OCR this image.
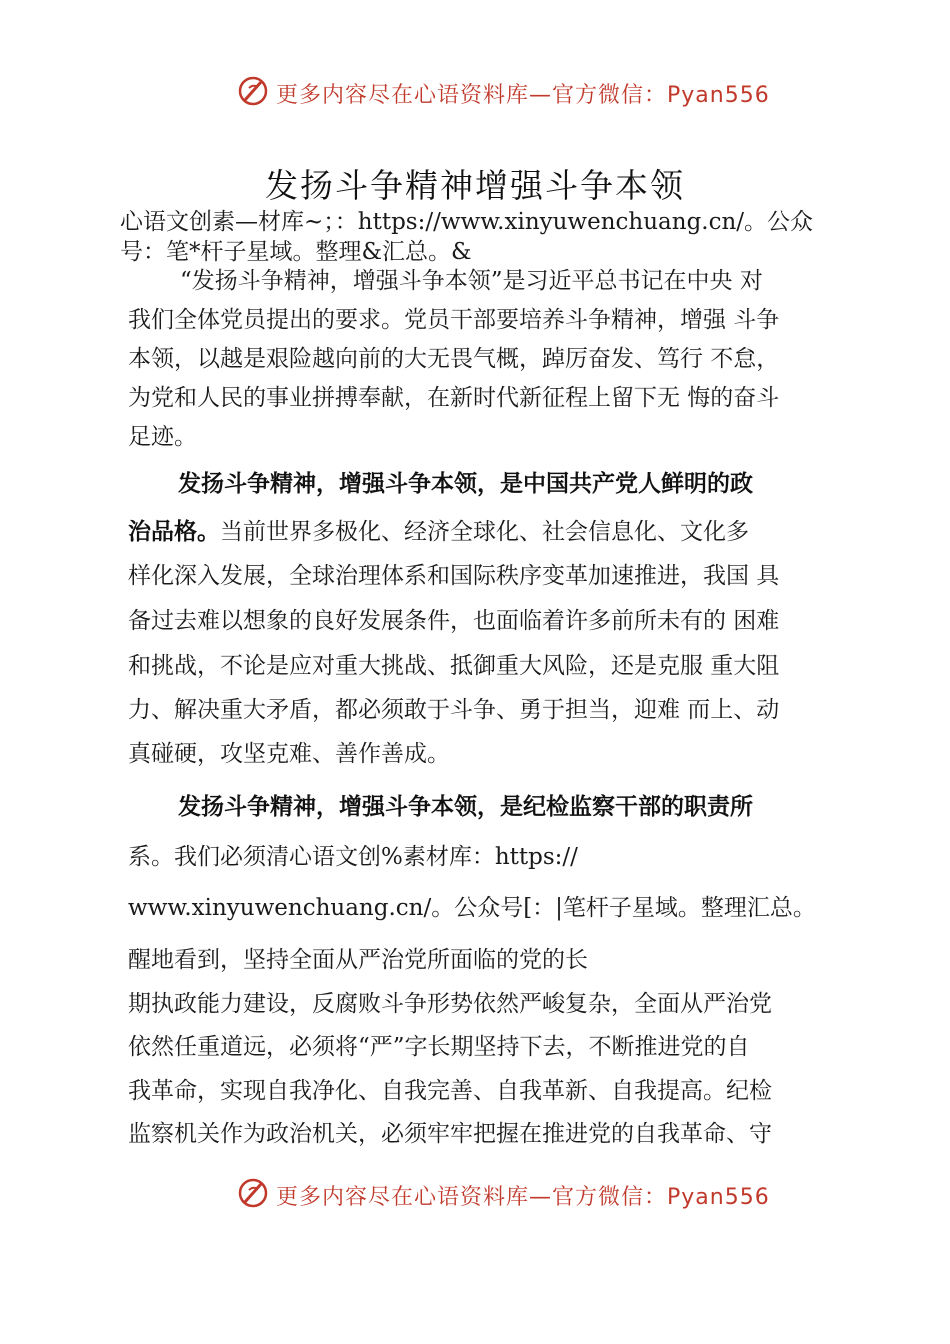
更多内容尽在心语资料库—官方微信：Pyan556
发扬斗争精神增强斗争本领
心语文创素—材库~；：https://www.xinyuwenchuang.cn/。公众
号：笔*杆子星域。整理&汇总。&
“发扬斗争精神，增强斗争本领”是习近平总书记在中央 对
我们全体党员提出的要求。党员干部要培养斗争精神，增强 斗争
本领，以越是艰险越向前的大无畏气概，踔厉奋发、笃行 不怠，
为党和人民的事业拼搏奉献，在新时代新征程上留下无 悔的奋斗
足迹。
发扬斗争精神，增强斗争本领，是中国共产党人鲜明的政
治品格。当前世界多极化、经济全球化、社会信息化、文化多
样化深入发展，全球治理体系和国际秩序变革加速推进，我国 具
备过去难以想象的良好发展条件，也面临着许多前所未有的 困难
和挑战，不论是应对重大挑战、抵御重大风险，还是克服 重大阻
力、解决重大矛盾，都必须敢于斗争、勇于担当，迎难 而上、动
真碰硬，攻坚克难、善作善成。
发扬斗争精神，增强斗争本领，是纪检监察干部的职责所
系。我们必须清心语文创%素材库：https://
www.xinyuwenchuang.cn/。公众号[：|笔杆子星域。整理汇总。
醒地看到，坚持全面从严治党所面临的党的长
期执政能力建设，反腐败斗争形势依然严峻复杂，全面从严治党
依然任重道远，必须将“严”字长期坚持下去，不断推进党的自
我革命，实现自我净化、自我完善、自我革新、自我提高。纪检
监察机关作为政治机关，必须牢牢把握在推进党的自我革命、守
更多内容尽在心语资料库—官方微信：Pyan556
